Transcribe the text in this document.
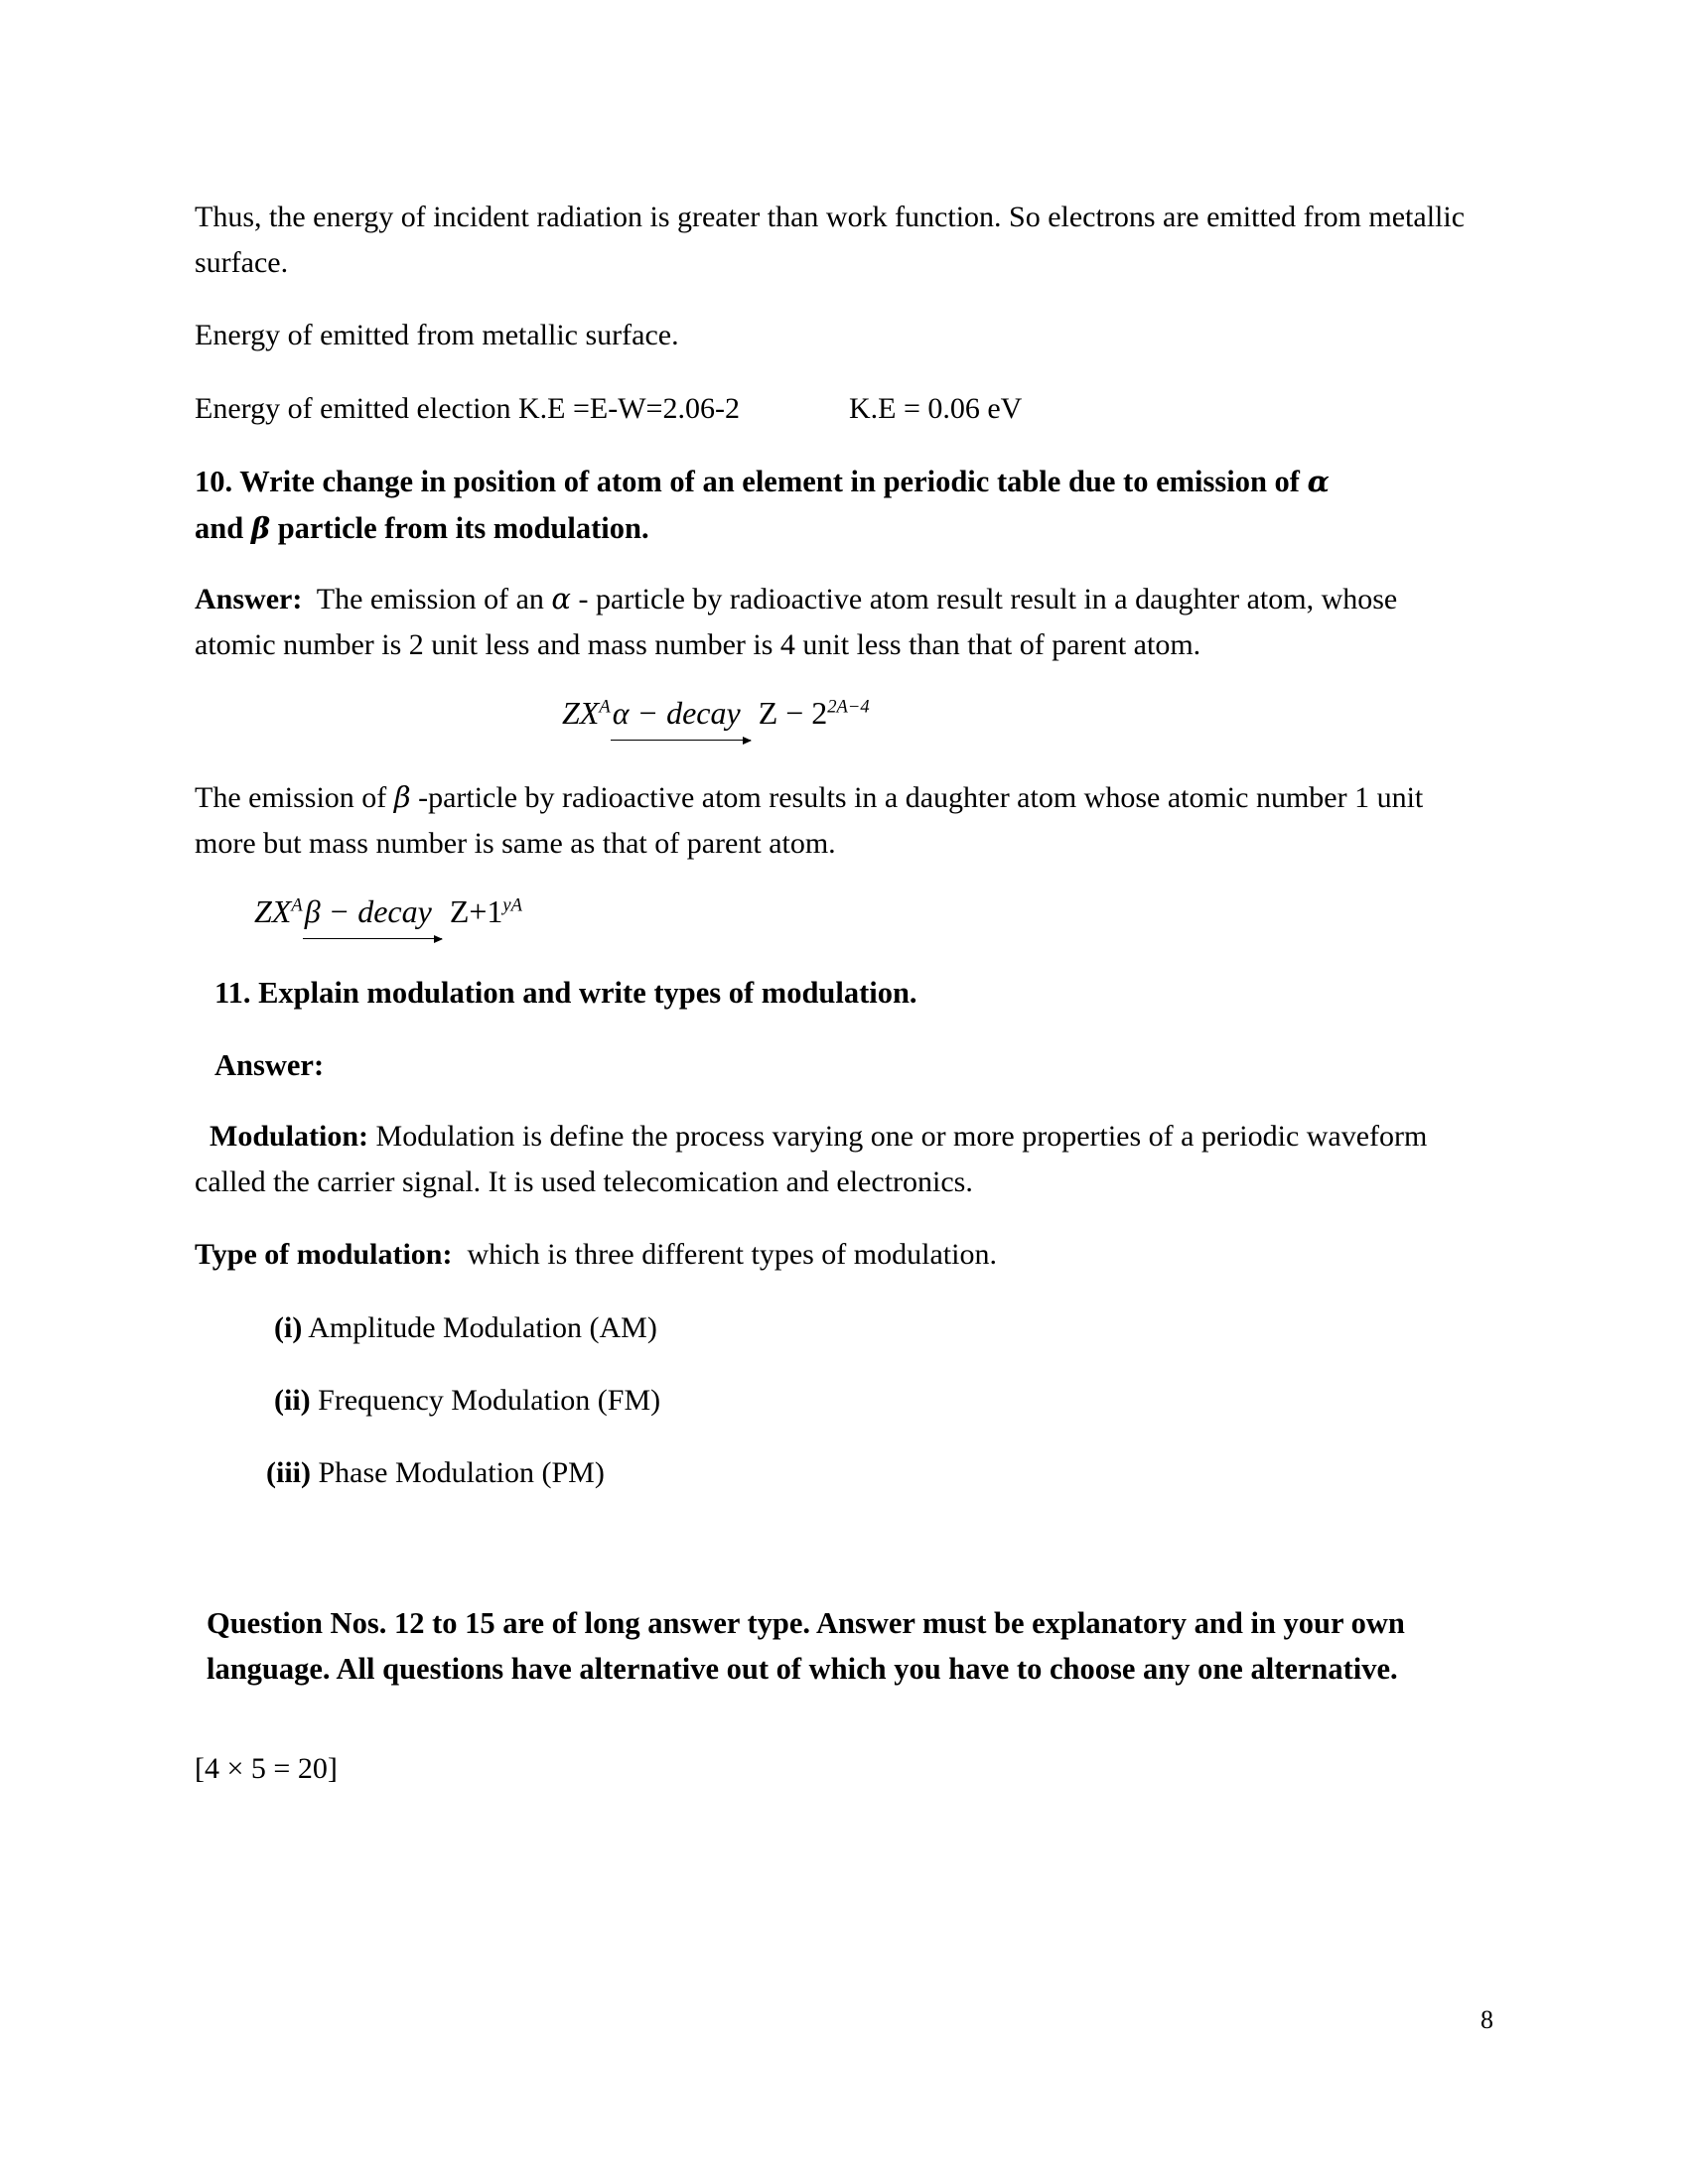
Thus, the energy of incident radiation is greater than work function. So electrons are emitted from metallic surface.

Energy of emitted from metallic surface.

Energy of emitted election K.E =E-W=2.06-2	K.E = 0.06 eV

10. Write change in position of atom of an element in periodic table due to emission of α
and β particle from its modulation.

Answer: The emission of an α - particle by radioactive atom result result in a daughter atom, whose atomic number is 2 unit less and mass number is 4 unit less than that of parent atom.

$ZX^A\alpha$ − decay $Z - 2^{2A-4}$

The emission of β -particle by radioactive atom results in a daughter atom whose atomic number 1 unit more but mass number is same as that of parent atom.

$ZX^A\beta$ − decay $Z+1^{yA}$

11. Explain modulation and write types of modulation.

Answer:

Modulation: Modulation is define the process varying one or more properties of a periodic waveform called the carrier signal. It is used telecomication and electronics.

Type of modulation: which is three different types of modulation.

(i) Amplitude Modulation (AM)

(ii) Frequency Modulation (FM)

(iii) Phase Modulation (PM)

Question Nos. 12 to 15 are of long answer type. Answer must be explanatory and in your own language. All questions have alternative out of which you have to choose any one alternative.

[4 × 5 = 20]

8
